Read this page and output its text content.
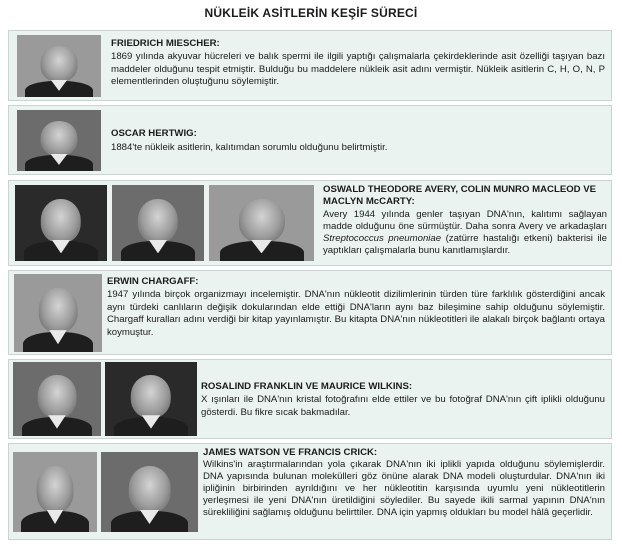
NÜKLEİK ASİTLERİN KEŞİF SÜRECİ
FRIEDRICH MIESCHER:
1869 yılında akyuvar hücreleri ve balık spermi ile ilgili yaptığı çalışmalarla çekirdeklerinde asit özelliği taşıyan bazı maddeler olduğunu tespit etmiştir. Bulduğu bu maddelere nükleik asit adını vermiştir. Nükleik asitlerin C, H, O, N, P elementlerinden oluştuğunu söylemiştir.
OSCAR HERTWIG:
1884'te nükleik asitlerin, kalıtımdan sorumlu olduğunu belirtmiştir.
OSWALD THEODORE AVERY, COLIN MUNRO MACLEOD VE MACLYN McCARTY:
Avery 1944 yılında genler taşıyan DNA'nın, kalıtımı sağlayan madde olduğunu öne sürmüştür. Daha sonra Avery ve arkadaşları Streptococcus pneumoniae (zatürre hastalığı etkeni) bakterisi ile yaptıkları çalışmalarla bunu kanıtlamışlardır.
ERWIN CHARGAFF:
1947 yılında birçok organizmayı incelemiştir. DNA'nın nükleotit dizilimlerinin türden türe farklılık gösterdiğini ancak aynı türdeki canlıların değişik dokularından elde ettiği DNA'ların aynı baz bileşimine sahip olduğunu söylemiştir. Chargaff kuralları adını verdiği bir kitap yayınlamıştır. Bu kitapta DNA'nın nükleotitleri ile alakalı birçok bağlantı ortaya koymuştur.
ROSALIND FRANKLIN VE MAURICE WILKINS:
X ışınları ile DNA'nın kristal fotoğrafını elde ettiler ve bu fotoğraf DNA'nın çift iplikli olduğunu gösterdi. Bu fikre sıcak bakmadılar.
JAMES WATSON VE FRANCIS CRICK:
Wilkins'in araştırmalarından yola çıkarak DNA'nın iki iplikli yapıda olduğunu söylemişlerdir. DNA yapısında bulunan molekülleri göz önüne alarak DNA modeli oluşturdular. DNA'nın iki ipliğinin birbirinden ayrıldığını ve her nükleotitin karşısında uyumlu yeni nükleotitlerin yerleşmesi ile yeni DNA'nın üretildiğini söylediler. Bu sayede ikili sarmal yapının DNA'nın sürekliliğini sağlamış olduğunu belirttiler. DNA için yapmış oldukları bu model hâlâ geçerlidir.
